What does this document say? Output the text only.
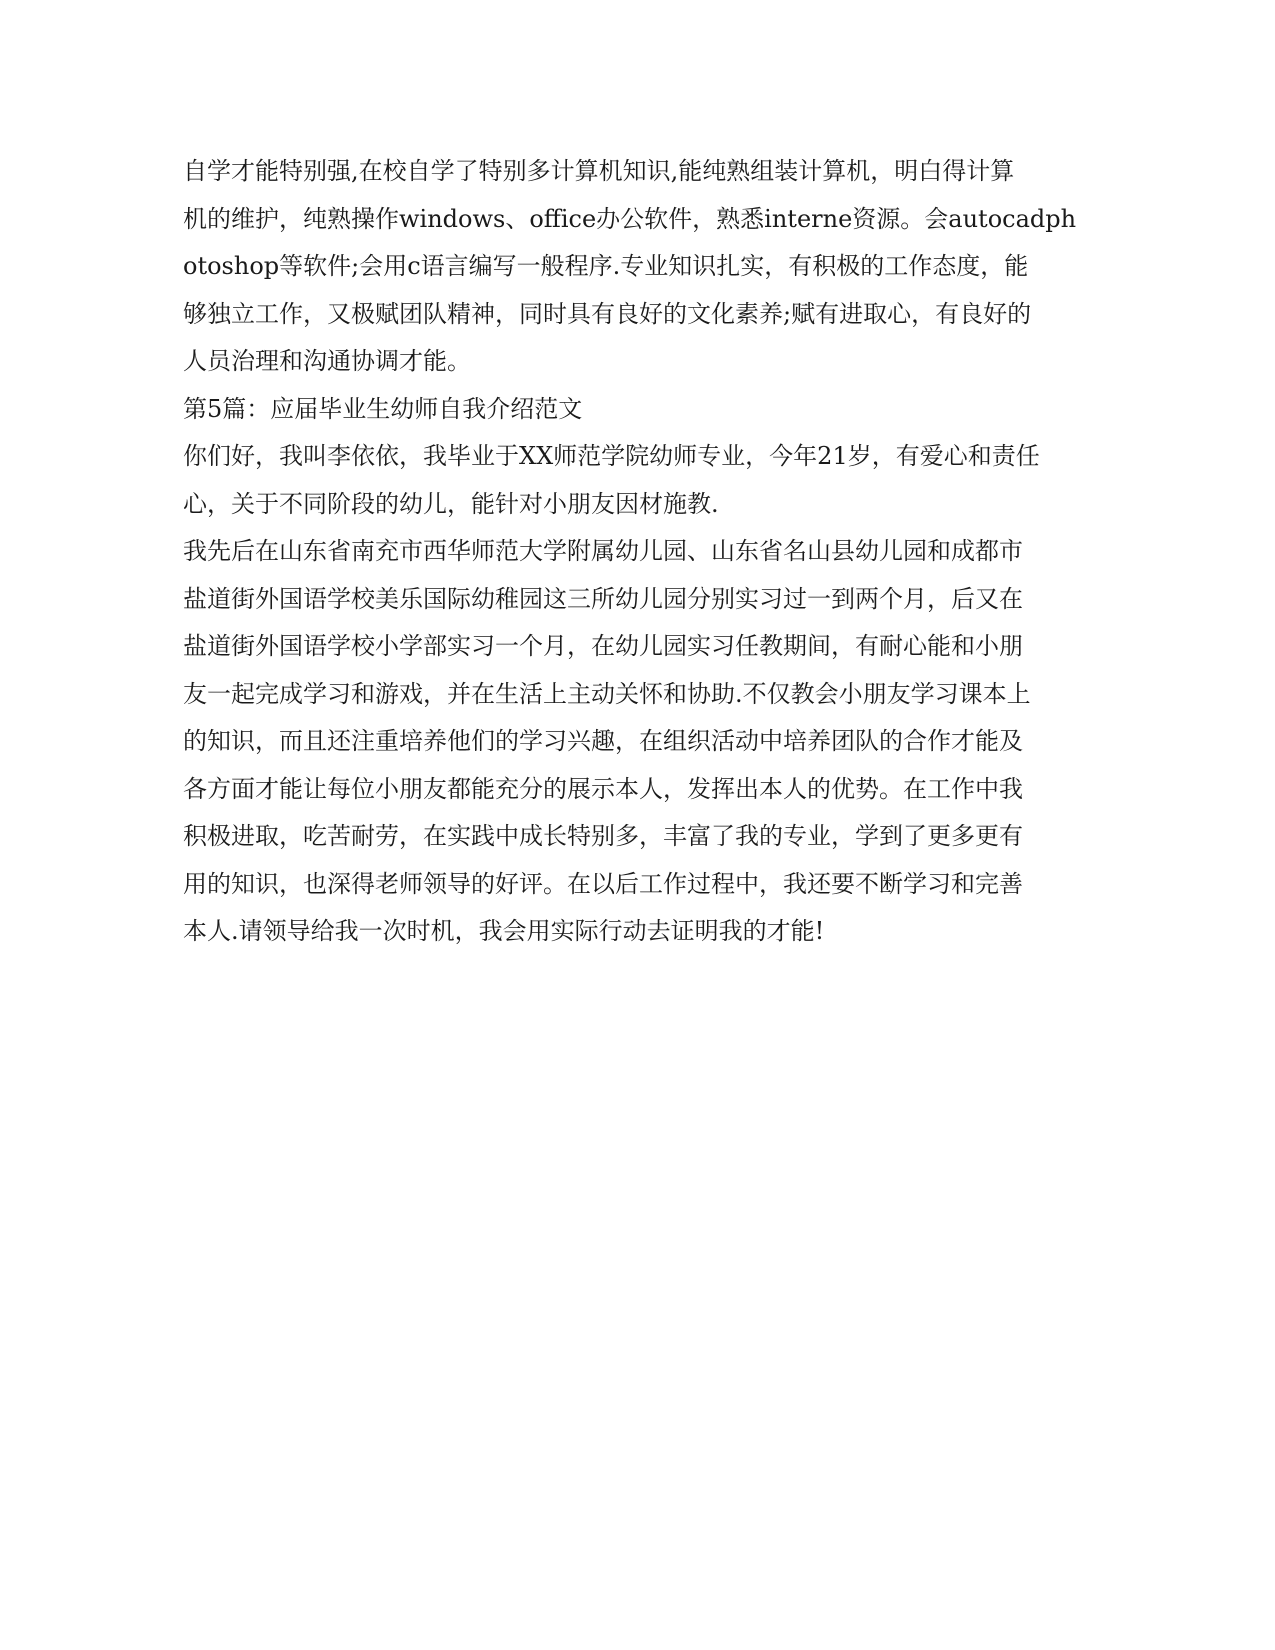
自学才能特别强,在校自学了特别多计算机知识,能纯熟组装计算机，明白得计算
机的维护，纯熟操作windows、office办公软件，熟悉interne资源。会autocadph
otoshop等软件;会用c语言编写一般程序.专业知识扎实，有积极的工作态度，能
够独立工作，又极赋团队精神，同时具有良好的文化素养;赋有进取心，有良好的
人员治理和沟通协调才能。
第5篇：应届毕业生幼师自我介绍范文
你们好，我叫李依依，我毕业于XX师范学院幼师专业，今年21岁，有爱心和责任
心，关于不同阶段的幼儿，能针对小朋友因材施教.
我先后在山东省南充市西华师范大学附属幼儿园、山东省名山县幼儿园和成都市
盐道街外国语学校美乐国际幼稚园这三所幼儿园分别实习过一到两个月，后又在
盐道街外国语学校小学部实习一个月，在幼儿园实习任教期间，有耐心能和小朋
友一起完成学习和游戏，并在生活上主动关怀和协助.不仅教会小朋友学习课本上
的知识，而且还注重培养他们的学习兴趣，在组织活动中培养团队的合作才能及
各方面才能让每位小朋友都能充分的展示本人，发挥出本人的优势。在工作中我
积极进取，吃苦耐劳，在实践中成长特别多，丰富了我的专业，学到了更多更有
用的知识，也深得老师领导的好评。在以后工作过程中，我还要不断学习和完善
本人.请领导给我一次时机，我会用实际行动去证明我的才能!
